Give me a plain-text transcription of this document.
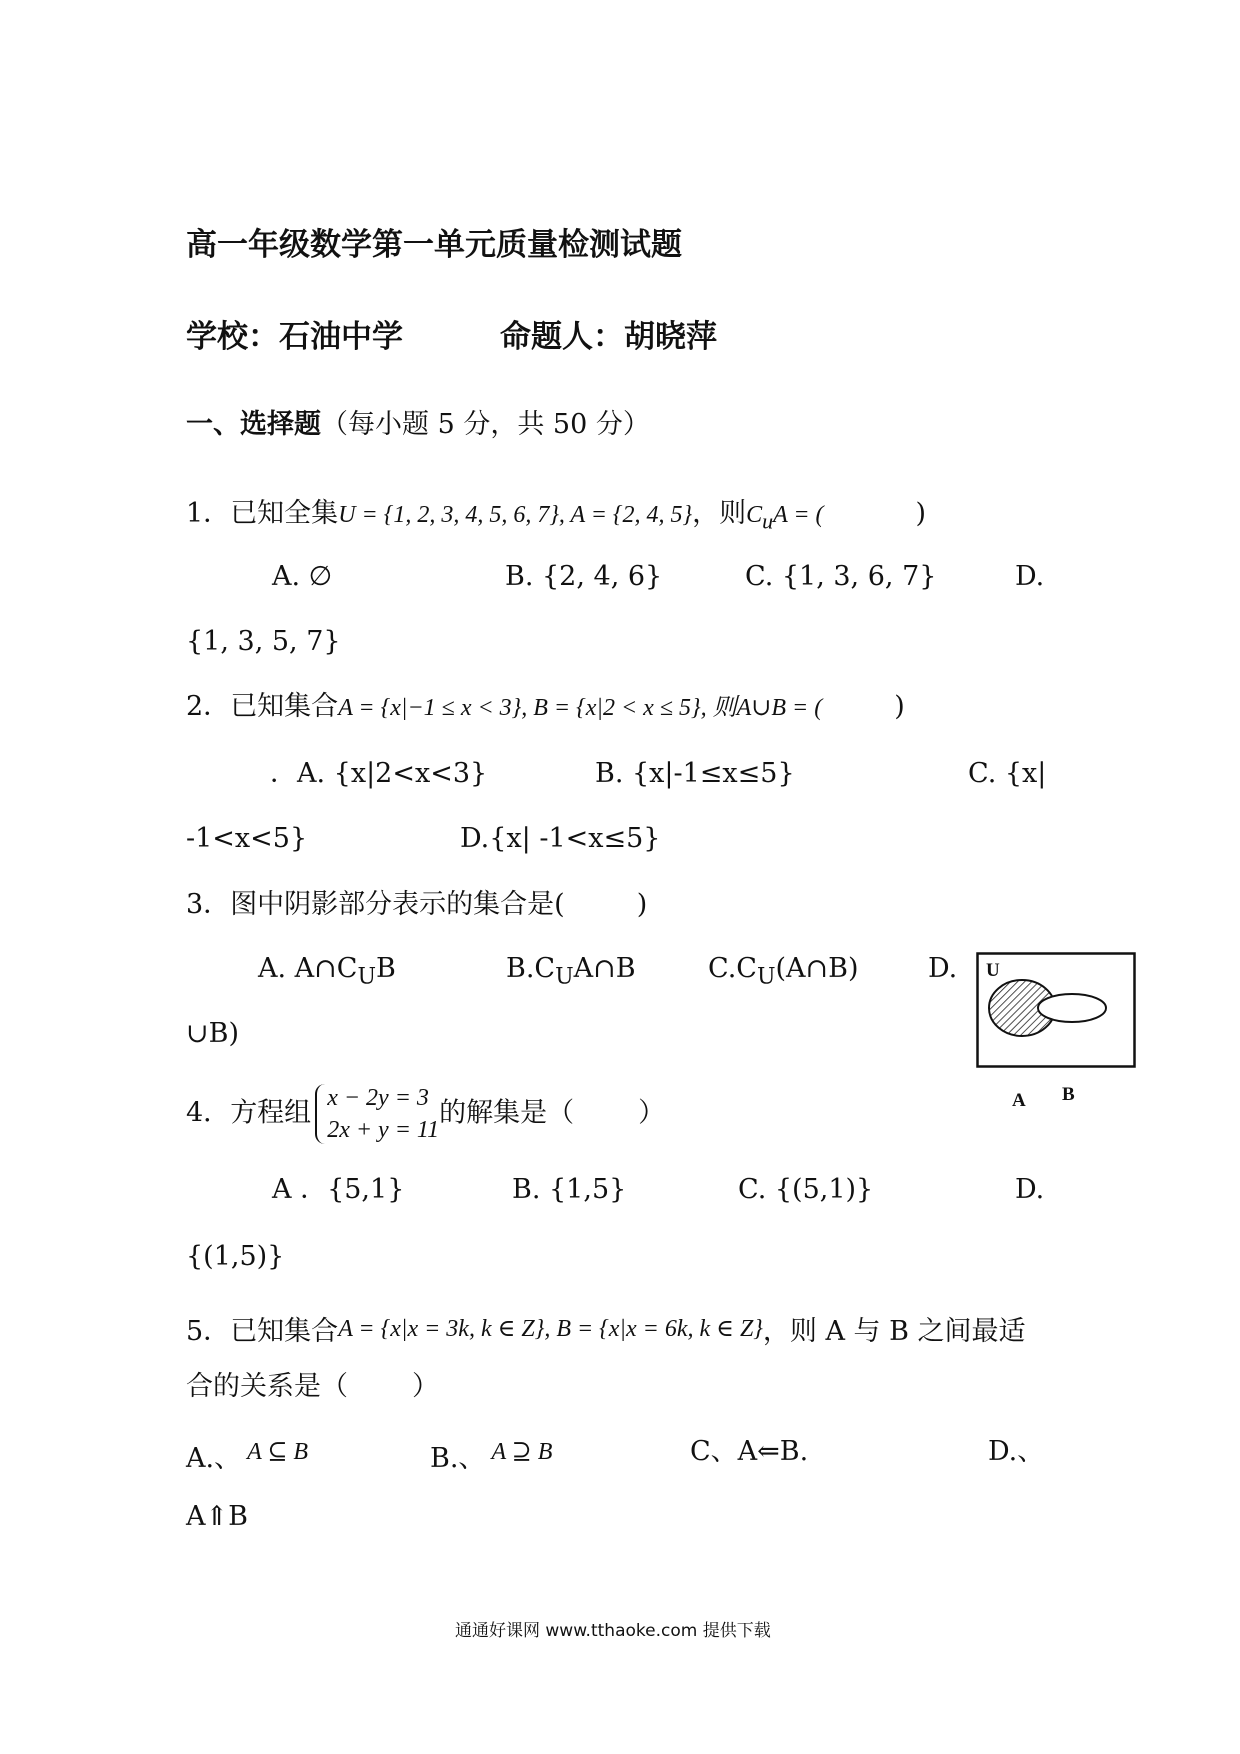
高一年级数学第一单元质量检测试题
学校：石油中学	命题人：胡晓萍
一、选择题（每小题 5 分，共 50 分）
1．已知全集U = {1, 2, 3, 4, 5, 6, 7}, A = {2, 4, 5}，则$C_uA$ = (	)
A. ∅	B. {2, 4, 6}	C. {1, 3, 6, 7}	D.
{1, 3, 5, 7}
2．已知集合A = {x|−1 ≤ x < 3}, B = {x|2 < x ≤ 5}, 则A∪B = (	)
．A. {x|2<x<3}	B. {x|-1≤x≤5}	C. {x|
-1<x<5}	D.{x| -1<x≤5}
3．图中阴影部分表示的集合是(	)
A. $A\cap C_UB$	$B.C_UA\cap B$	$C.C_U(A\cap B)$	D.
∪B)
U
A B
4．方程组 x − 2y = 3
2x + y = 11
的解集是（ ）
A ．{5,1}	B. {1,5}	C. {(5,1)}	D.
{(1,5)}
5．已知集合A = {x|x = 3k, k ∈ Z}, B = {x|x = 6k, k ∈ Z}，则 A 与 B 之间最适
合的关系是（ ）
A.、 A ⊆ B	B.、 A ⊇ B	C、A⇐B.	D.、
A⇑B
通通好课网 www.tthaoke.com 提供下载
